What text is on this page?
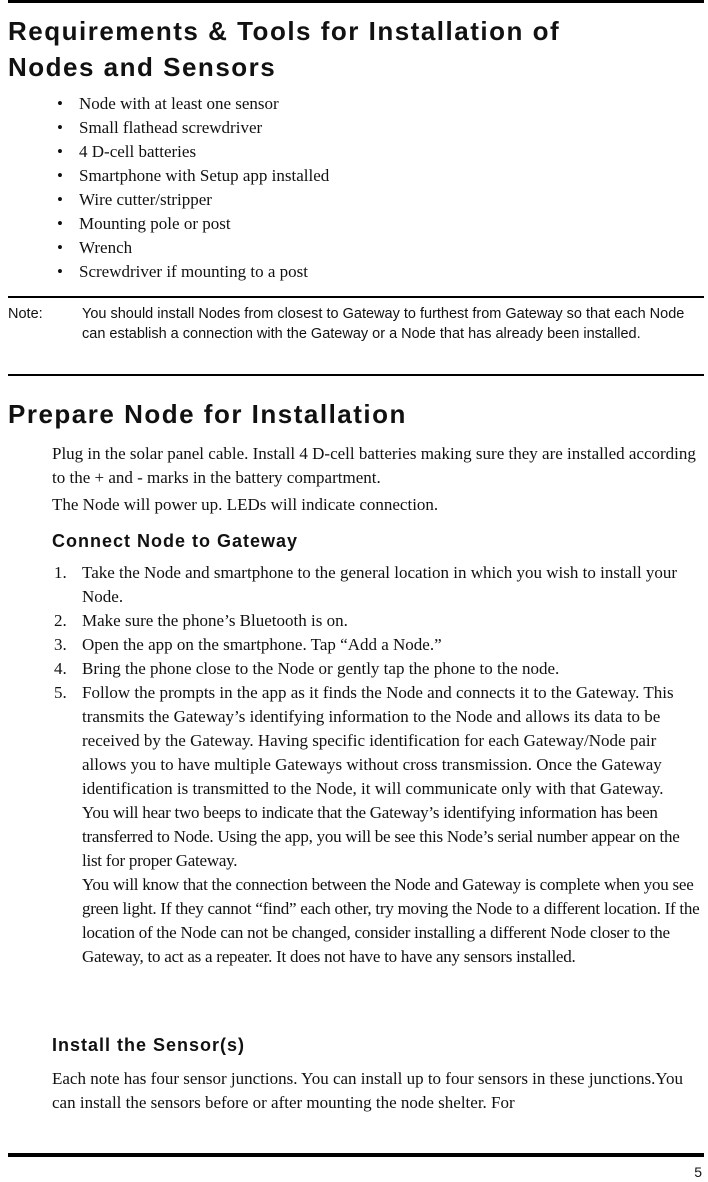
Requirements & Tools for Installation of
Nodes and Sensors
• Node with at least one sensor
• Small flathead screwdriver
• 4 D-cell batteries
• Smartphone with Setup app installed
• Wire cutter/stripper
• Mounting pole or post
• Wrench
• Screwdriver if mounting to a post
Note:	You should install Nodes from closest to Gateway to furthest from Gateway so that each Node can establish a connection with the Gateway or a Node that has already been installed.
Prepare Node for Installation

Plug in the solar panel cable. Install 4 D-cell batteries making sure they are installed according to the + and - marks in the battery compartment.

The Node will power up. LEDs will indicate connection.

Connect Node to Gateway
1. Take the Node and smartphone to the general location in which you wish to install your Node.
2. Make sure the phone’s Bluetooth is on.
3. Open the app on the smartphone. Tap “Add a Node.”
4. Bring the phone close to the Node or gently tap the phone to the node.
5. Follow the prompts in the app as it finds the Node and connects it to the Gateway. This transmits the Gateway’s identifying information to the Node and allows its data to be received by the Gateway. Having specific identification for each Gateway/Node pair allows you to have multiple Gateways without cross transmission. Once the Gateway identification is transmitted to the Node, it will communicate only with that Gateway.
You will hear two beeps to indicate that the Gateway’s identifying information has been transferred to Node. Using the app, you will be see this Node’s serial number appear on the list for proper Gateway.
You will know that the connection between the Node and Gateway is complete when you see green light. If they cannot “find” each other, try moving the Node to a different location. If the location of the Node can not be changed, consider installing a different Node closer to the Gateway, to act as a repeater. It does not have to have any sensors installed.
Install the Sensor(s)

Each note has four sensor junctions. You can install up to four sensors in these junctions.You can install the sensors before or after mounting the node shelter. For

5
